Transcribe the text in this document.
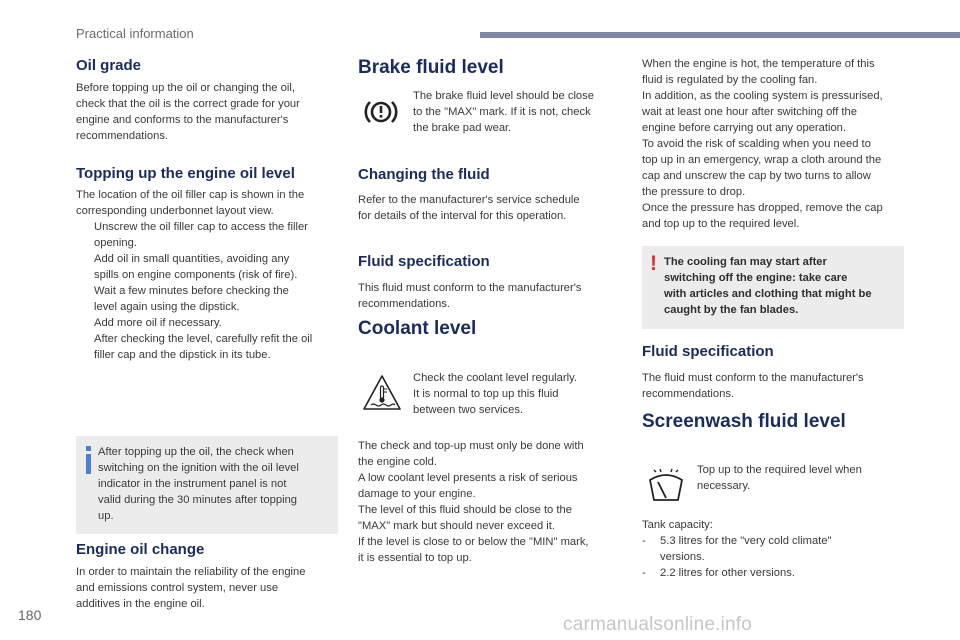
Practical information
Oil grade
Before topping up the oil or changing the oil,
check that the oil is the correct grade for your
engine and conforms to the manufacturer's
recommendations.
Topping up the engine oil level
The location of the oil filler cap is shown in the
corresponding underbonnet layout view.
Unscrew the oil filler cap to access the filler
opening.
Add oil in small quantities, avoiding any
spills on engine components (risk of fire).
Wait a few minutes before checking the
level again using the dipstick.
Add more oil if necessary.
After checking the level, carefully refit the oil
filler cap and the dipstick in its tube.
After topping up the oil, the check when
switching on the ignition with the oil level
indicator in the instrument panel is not
valid during the 30 minutes after topping
up.
Engine oil change
In order to maintain the reliability of the engine
and emissions control system, never use
additives in the engine oil.
Brake fluid level
The brake fluid level should be close
to the "MAX" mark. If it is not, check
the brake pad wear.
Changing the fluid
Refer to the manufacturer's service schedule
for details of the interval for this operation.
Fluid specification
This fluid must conform to the manufacturer's
recommendations.
Coolant level
Check the coolant level regularly.
It is normal to top up this fluid
between two services.
The check and top-up must only be done with
the engine cold.
A low coolant level presents a risk of serious
damage to your engine.
The level of this fluid should be close to the
"MAX" mark but should never exceed it.
If the level is close to or below the "MIN" mark,
it is essential to top up.
When the engine is hot, the temperature of this
fluid is regulated by the cooling fan.
In addition, as the cooling system is pressurised,
wait at least one hour after switching off the
engine before carrying out any operation.
To avoid the risk of scalding when you need to
top up in an emergency, wrap a cloth around the
cap and unscrew the cap by two turns to allow
the pressure to drop.
Once the pressure has dropped, remove the cap
and top up to the required level.
! The cooling fan may start after
switching off the engine: take care
with articles and clothing that might be
caught by the fan blades.
Fluid specification
The fluid must conform to the manufacturer's
recommendations.
Screenwash fluid level
Top up to the required level when
necessary.
Tank capacity:
- 5.3 litres for the "very cold climate"
versions.
- 2.2 litres for other versions.
180	carmanualsonline.info
